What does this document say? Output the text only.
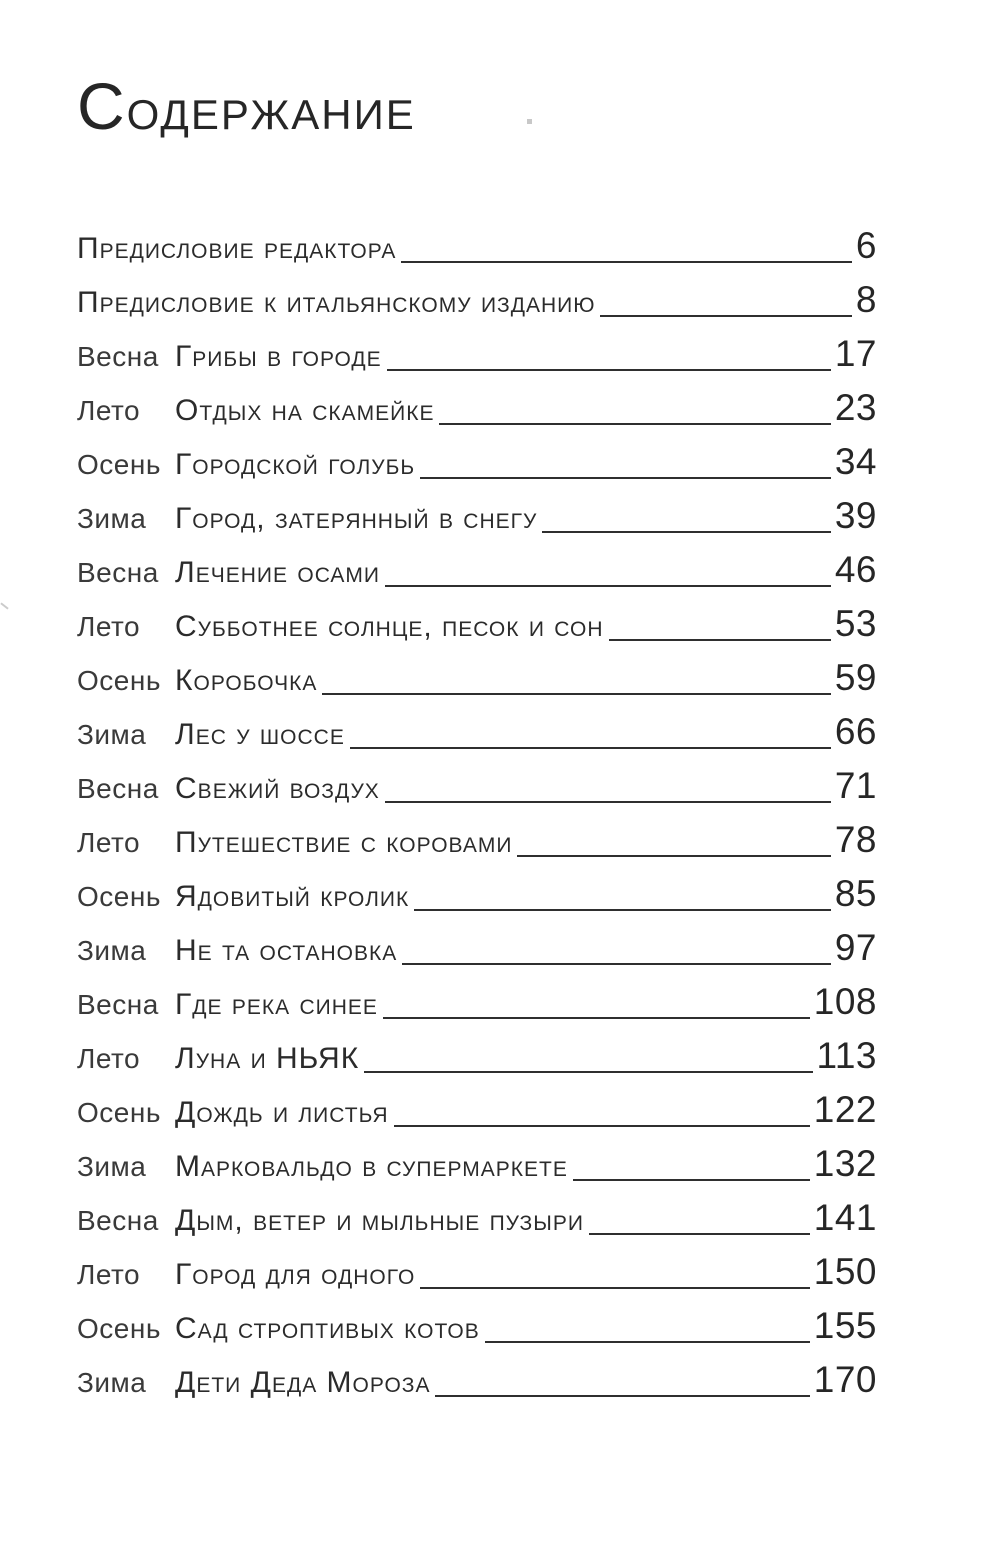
СОДЕРЖАНИЕ
ПРЕДИСЛОВИЕ РЕДАКТОРА	6
ПРЕДИСЛОВИЕ К ИТАЛЬЯНСКОМУ ИЗДАНИЮ	8
Весна ГРИБЫ В ГОРОДЕ	17
Лето	ОТДЫХ НА СКАМЕЙКЕ	23
Осень ГОРОДСКОЙ ГОЛУБЬ	34
Зима ГОРОД, ЗАТЕРЯННЫЙ В СНЕГУ	39
Весна ЛЕЧЕНИЕ ОСАМИ	46
Лето	СУББОТНЕЕ СОЛНЦЕ, ПЕСОК И СОН	53
Осень КОРОБОЧКА	59
Зима ЛЕС У ШОССЕ	66
Весна СВЕЖИЙ ВОЗДУХ	71
Лето	ПУТЕШЕСТВИЕ С КОРОВАМИ	78
Осень ЯДОВИТЫЙ КРОЛИК	85
Зима НЕ ТА ОСТАНОВКА	97
Весна ГДЕ РЕКА СИНЕЕ	108
Лето	ЛУНА И НЬЯК	113
Осень ДОЖДЬ И ЛИСТЬЯ	122
Зима МАРКОВАЛЬДО В СУПЕРМАРКЕТЕ	132
Весна ДЫМ, ВЕТЕР И МЫЛЬНЫЕ ПУЗЫРИ	141
Лето	ГОРОД ДЛЯ ОДНОГО	150
Осень САД СТРОПТИВЫХ КОТОВ	155
Зима ДЕТИ ДЕДА МОРОЗА	170
